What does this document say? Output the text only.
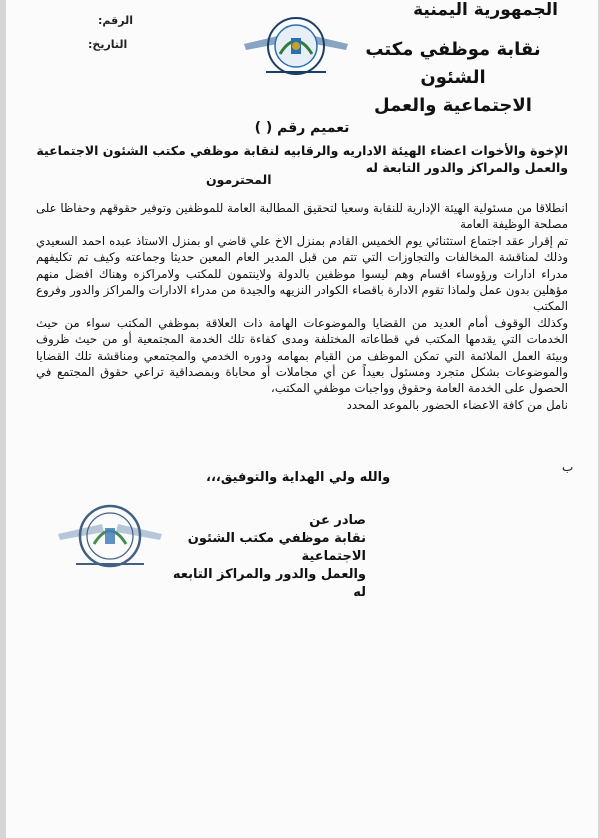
الجمهورية اليمنية
نقابة موظفي مكتب الشئون
الاجتماعية والعمل
الرقم:
التاريخ:
تعميم رقم ( )
الإخوة والأخوات اعضاء الهيئة الاداريه والرقابيه لنقابة موظفي مكتب الشئون الاجتماعية والعمل والمراكز والدور التابعة له
المحترمون

انطلاقا من مسئولية الهيئة الإدارية للنقابة وسعيا لتحقيق المطالبة العامة للموظفين وتوفير حقوقهم وحفاظا على مصلحة الوظيفة العامة

تم إقرار عقد اجتماع استثنائي يوم الخميس القادم بمنزل الاخ علي قاضي او بمنزل الاستاذ عبده احمد السعيدي وذلك لمناقشة المخالفات والتجاوزات التي تتم من قبل المدير العام المعين حديثا وجماعته وكيف تم تكليفهم مدراء ادارات ورؤوساء اقسام وهم ليسوا موظفين بالدولة ولاينتمون للمكتب ولامراكزه وهناك افضل منهم مؤهلين بدون عمل ولماذا تقوم الادارة باقصاء الكوادر النزيهه والجيدة من مدراء الادارات والمراكز والدور وفروع المكتب

وكذلك الوقوف أمام العديد من القضايا والموضوعات الهامة ذات العلاقة بموظفي المكتب سواء من حيث الخدمات التي يقدمها المكتب في قطاعاته المختلفة ومدى كفاءة تلك الخدمة المجتمعية أو من حيث ظروف وبيئة العمل الملائمة التي تمكن الموظف من القيام بمهامه ودوره الخدمي والمجتمعي ومناقشة تلك القضايا والموضوعات بشكل متجرد ومسئول بعيداً عن أي مجاملات أو محاباة وبمصداقية تراعي حقوق المجتمع في الحصول على الخدمة العامة وحقوق وواجبات موظفي المكتب،

نامل من كافة الاعضاء الحضور بالموعد المحدد

ب
والله ولي الهداية والتوفيق،،،
صادر عن
نقابة موظفي مكتب الشئون الاجتماعية
والعمل والدور والمراكز التابعه له
